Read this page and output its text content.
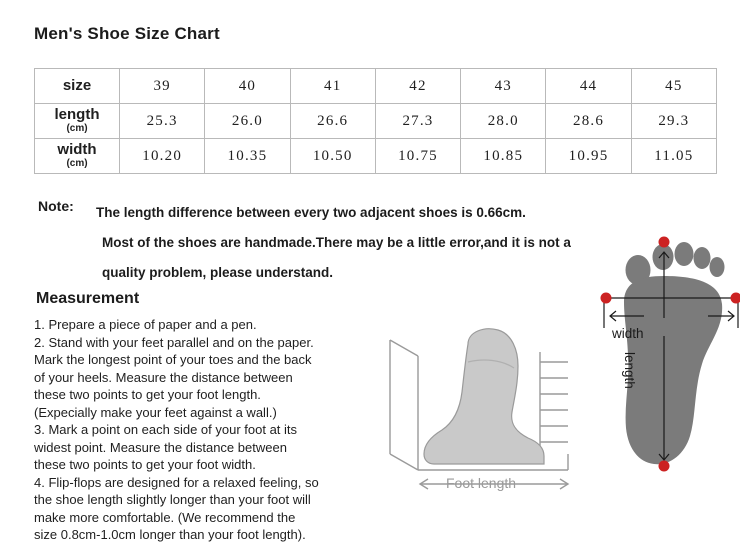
Men's Shoe Size Chart
size	39	40	41	42	43	44	45
length
(cm)	25.3	26.0	26.6	27.3	28.0	28.6	29.3
width
(cm)	10.20	10.35	10.50	10.75	10.85	10.95	11.05
Note: The length difference between every two adjacent shoes is 0.66cm.
Most of the shoes are handmade.There may be a little error,and it is not a
quality problem, please understand.
Measurement

1. Prepare a piece of paper and a pen.

2. Stand with your feet parallel and on the paper.

Mark the longest point of your toes and the back

of your heels. Measure the distance between

these two points to get your foot length.

(Expecially make your feet against a wall.)

3. Mark a point on each side of your foot at its

widest point. Measure the distance between

these two points to get your foot width.

4. Flip-flops are designed for a relaxed feeling, so

the shoe length slightly longer than your foot will

make more comfortable. (We recommend the

size 0.8cm-1.0cm longer than your foot length).

width
length
Foot length
